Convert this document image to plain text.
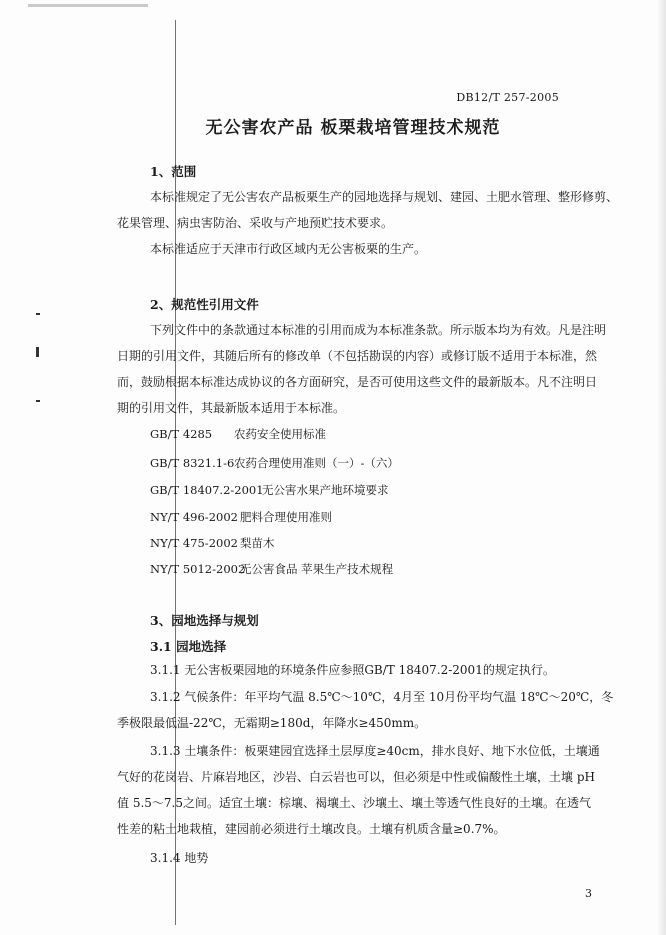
DB12/T 257-2005
无公害农产品 板栗栽培管理技术规范
1、范围
本标准规定了无公害农产品板栗生产的园地选择与规划、建园、土肥水管理、整形修剪、
花果管理、病虫害防治、采收与产地预贮技术要求。
本标准适应于天津市行政区域内无公害板栗的生产。
2、规范性引用文件
下列文件中的条款通过本标准的引用而成为本标准条款。所示版本均为有效。凡是注明
日期的引用文件，其随后所有的修改单（不包括勘误的内容）或修订版不适用于本标准，然
而，鼓励根据本标准达成协议的各方面研究，是否可使用这些文件的最新版本。凡不注明日
期的引用文件，其最新版本适用于本标准。
GB/T 4285 农药安全使用标准
GB/T 8321.1-6农药合理使用准则（一）-（六）
GB/T 18407.2-2001无公害水果产地环境要求
NY/T 496-2002 肥料合理使用准则
NY/T 475-2002 梨苗木
NY/T 5012-2002无公害食品 苹果生产技术规程
3、园地选择与规划
3.1 园地选择
3.1.1 无公害板栗园地的环境条件应参照GB/T 18407.2-2001的规定执行。
3.1.2 气候条件：年平均气温 8.5℃～10℃，4月至 10月份平均气温 18℃～20℃，冬
季极限最低温-22℃，无霜期≥180d，年降水≥450mm。
3.1.3 土壤条件：板栗建园宜选择土层厚度≥40cm，排水良好、地下水位低，土壤通
气好的花岗岩、片麻岩地区，沙岩、白云岩也可以，但必须是中性或偏酸性土壤，土壤 pH
值 5.5～7.5之间。适宜土壤：棕壤、褐壤土、沙壤土、壤土等透气性良好的土壤。在透气
性差的粘土地栽植，建园前必须进行土壤改良。土壤有机质含量≥0.7%。
3.1.4 地势
3
